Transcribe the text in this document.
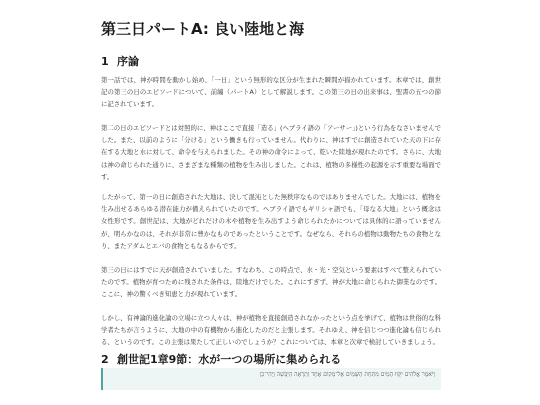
第三日パートA: 良い陸地と海
1 序論

第一話では、神が時間を動かし始め、「一日」という無形的な区分が生まれた瞬間が描かれています。本章では、創世記の第三の日のエピソードについて、前編（パートA）として解説します。この第三の日の出来事は、聖書の五つの節に記されています。

第二の日のエピソードとは対照的に、神はここで直接「造る」(ヘブライ語の「アーサー」)という行為をなさいませんでした。また、以前のように「分ける」という働きも行っていません。代わりに、神はすでに創造されていた天の下に存在する大地と水に対して、命令を与えられました。その神の命令によって、乾いた陸地が現れたのです。さらに、大地は神の命じられた通りに、さまざまな種類の植物を生み出しました。これは、植物の多様性の起源を示す重要な場面です。

したがって、第一の日に創造された大地は、決して混沌とした無秩序なものではありませんでした。大地には、植物を生み出せるあらゆる潜在能力が備えられていたのです。ヘブライ語でもギリシャ語でも、「母なる大地」という概念は女性形です。創世記は、大地がどれだけの木や植物を生み出すよう命じられたかについては具体的に語っていませんが、明らかなのは、それが非常に豊かなものであったということです。なぜなら、それらの植物は動物たちの食物となり、またアダムとエバの食物ともなるからです。

第三の日にはすでに天が創造されていました。すなわち、この時点で、水・光・空気という要素はすべて整えられていたのです。植物が育つために残された条件は、陸地だけでした。これにすぎず、神が大地に命じられた御業なのです。ここに、神の驚くべき知恵と力が現れています。

しかし、有神論的進化論の立場に立つ人々は、神が植物を直接創造されなかったという点を挙げて、植物は世俗的な科学者たちが言うように、大地の中の有機物から進化したのだと主張します。それゆえ、神を信じつつ進化論も信じられる、というのです。この主張は果たして正しいのでしょうか？これについては、本章と次章で検討していきましょう。

2 創世記1章9節：水が一つの場所に集められる
וַיֹּאמֶר אֱלֹהִים יִקָּווּ הַמַּיִם מִתַּחַת הַשָּׁמַיִם אֶל־מָקוֹם אֶחָד וְתֵרָאֶה הַיַּבָּשָׁה וַיְהִי־כֵן
